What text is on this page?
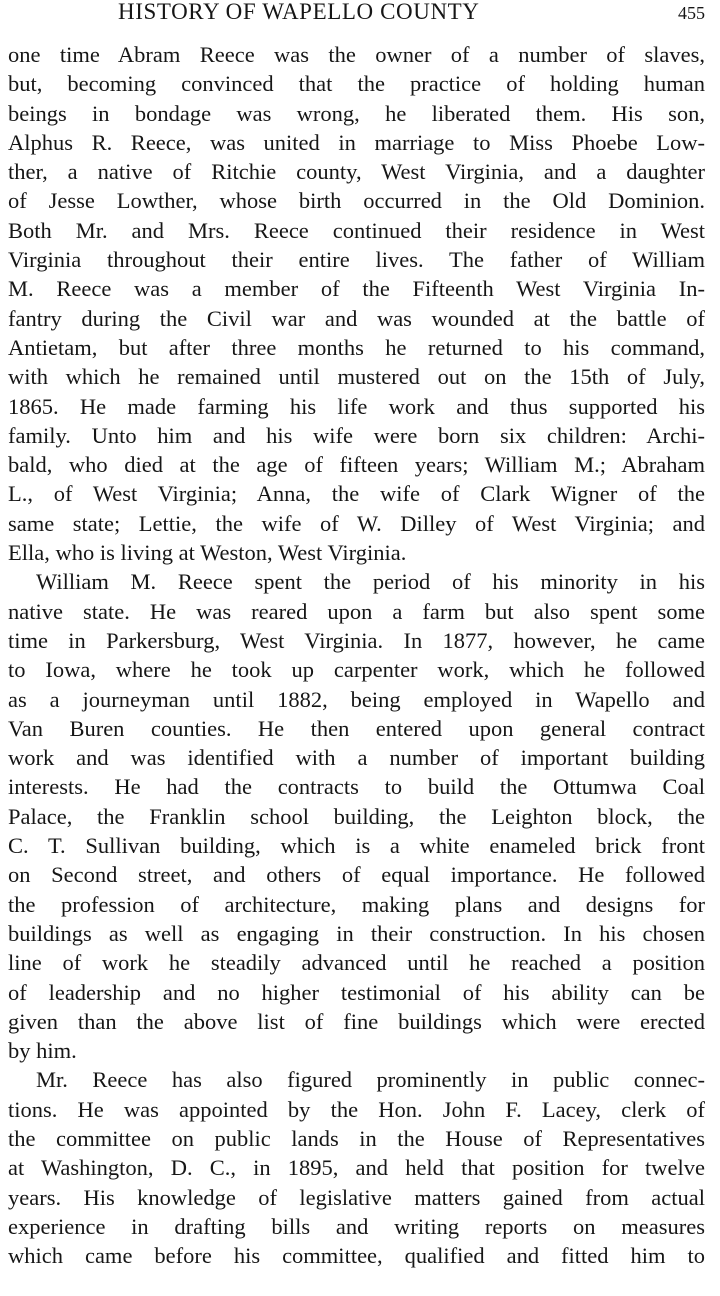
HISTORY OF WAPELLO COUNTY	455
one time Abram Reece was the owner of a number of slaves,
but, becoming convinced that the practice of holding human
beings in bondage was wrong, he liberated them. His son,
Alphus R. Reece, was united in marriage to Miss Phoebe Low-
ther, a native of Ritchie county, West Virginia, and a daughter
of Jesse Lowther, whose birth occurred in the Old Dominion.
Both Mr. and Mrs. Reece continued their residence in West
Virginia throughout their entire lives. The father of William
M. Reece was a member of the Fifteenth West Virginia In-
fantry during the Civil war and was wounded at the battle of
Antietam, but after three months he returned to his command,
with which he remained until mustered out on the 15th of July,
1865. He made farming his life work and thus supported his
family. Unto him and his wife were born six children: Archi-
bald, who died at the age of fifteen years; William M.; Abraham
L., of West Virginia; Anna, the wife of Clark Wigner of the
same state; Lettie, the wife of W. Dilley of West Virginia; and
Ella, who is living at Weston, West Virginia.
William M. Reece spent the period of his minority in his
native state. He was reared upon a farm but also spent some
time in Parkersburg, West Virginia. In 1877, however, he came
to Iowa, where he took up carpenter work, which he followed
as a journeyman until 1882, being employed in Wapello and
Van Buren counties. He then entered upon general contract
work and was identified with a number of important building
interests. He had the contracts to build the Ottumwa Coal
Palace, the Franklin school building, the Leighton block, the
C. T. Sullivan building, which is a white enameled brick front
on Second street, and others of equal importance. He followed
the profession of architecture, making plans and designs for
buildings as well as engaging in their construction. In his chosen
line of work he steadily advanced until he reached a position
of leadership and no higher testimonial of his ability can be
given than the above list of fine buildings which were erected
by him.
Mr. Reece has also figured prominently in public connec-
tions. He was appointed by the Hon. John F. Lacey, clerk of
the committee on public lands in the House of Representatives
at Washington, D. C., in 1895, and held that position for twelve
years. His knowledge of legislative matters gained from actual
experience in drafting bills and writing reports on measures
which came before his committee, qualified and fitted him to
